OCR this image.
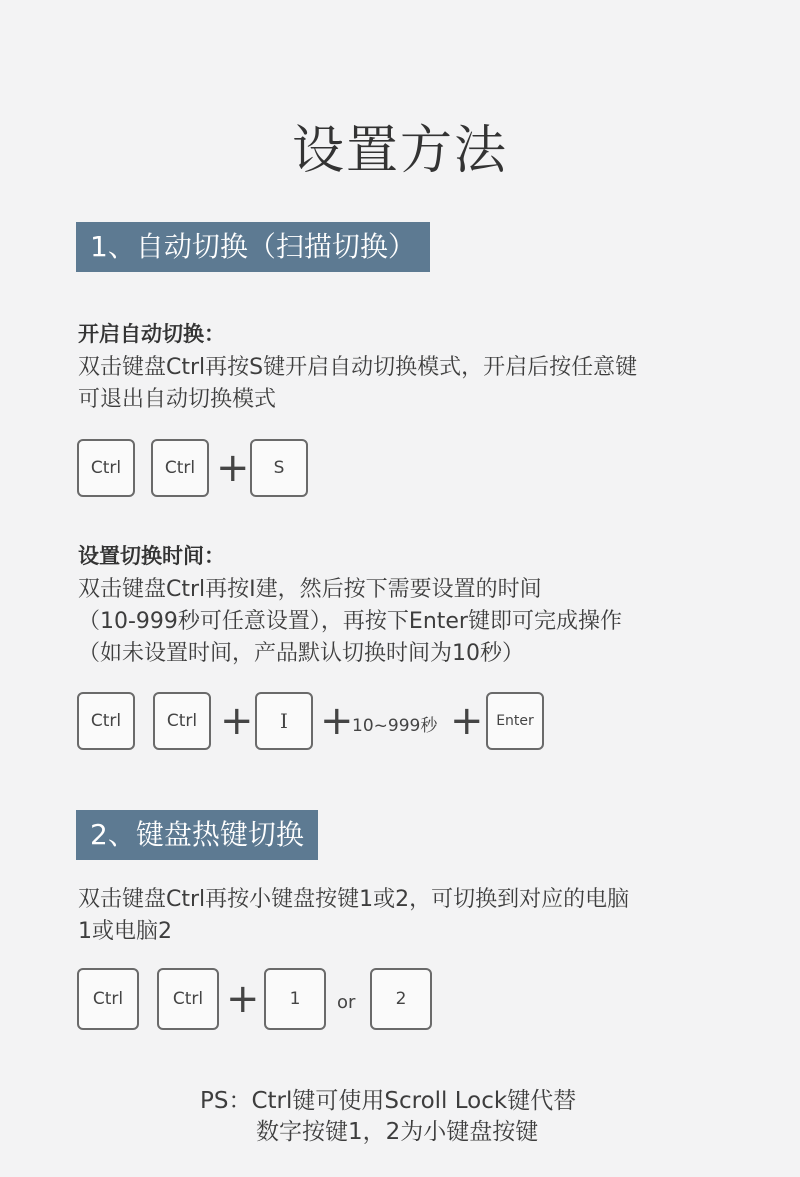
设置方法
1、自动切换（扫描切换）
开启自动切换：
双击键盘Ctrl再按S键开启自动切换模式，开启后按任意键
可退出自动切换模式
Ctrl	Ctrl +	S
设置切换时间：
双击键盘Ctrl再按Ⅰ建，然后按下需要设置的时间
（10-999秒可任意设置），再按下Enter键即可完成操作
（如未设置时间，产品默认切换时间为10秒）
Ctrl	Ctrl +	I +
10~999秒 + Enter
2、键盘热键切换
双击键盘Ctrl再按小键盘按键1或2，可切换到对应的电脑
1或电脑2
Ctrl	Ctrl +	1	or	2
PS：Ctrl键可使用Scroll Lock键代替
数字按键1，2为小键盘按键
